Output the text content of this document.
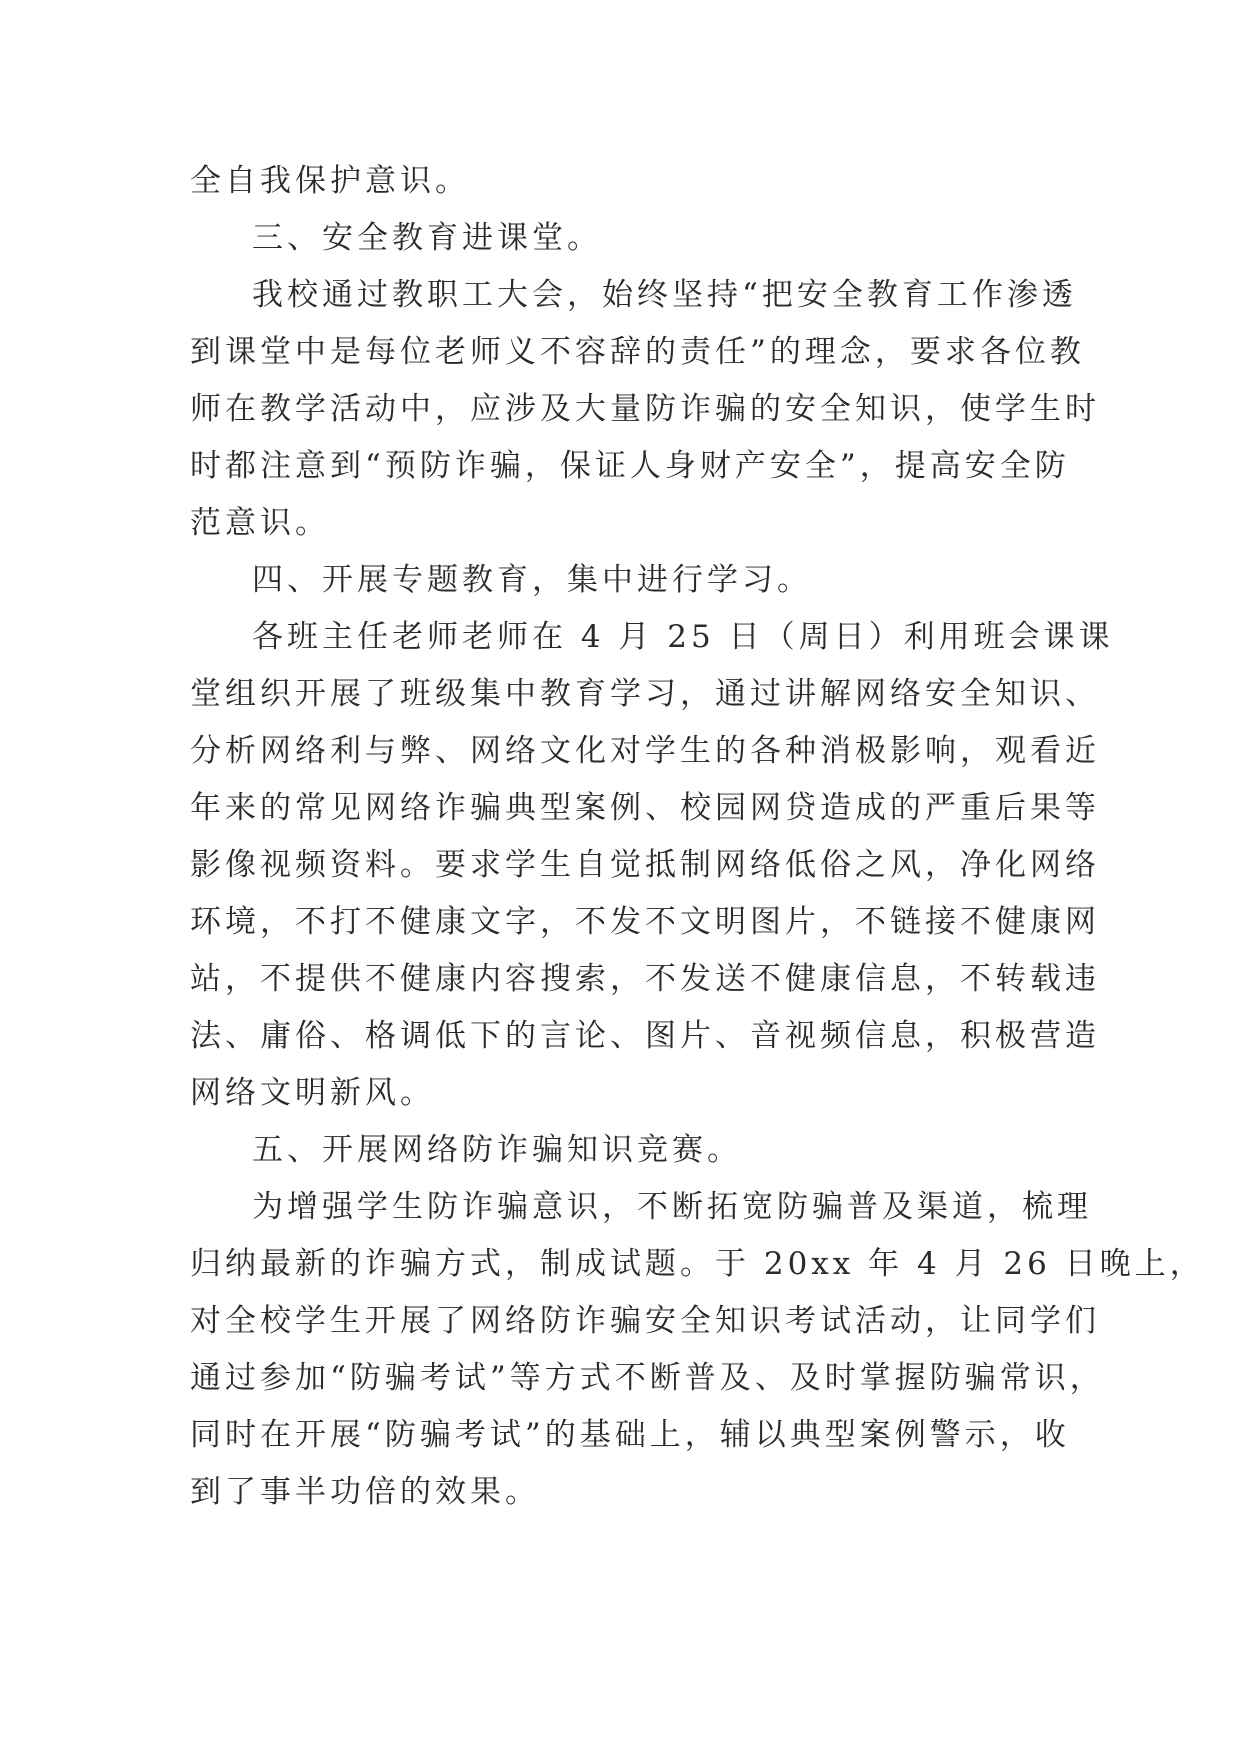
全自我保护意识。
三、安全教育进课堂。
我校通过教职工大会，始终坚持“把安全教育工作渗透
到课堂中是每位老师义不容辞的责任”的理念，要求各位教
师在教学活动中，应涉及大量防诈骗的安全知识，使学生时
时都注意到“预防诈骗，保证人身财产安全”，提高安全防
范意识。
四、开展专题教育，集中进行学习。
各班主任老师老师在 4 月 25 日（周日）利用班会课课
堂组织开展了班级集中教育学习，通过讲解网络安全知识、
分析网络利与弊、网络文化对学生的各种消极影响，观看近
年来的常见网络诈骗典型案例、校园网贷造成的严重后果等
影像视频资料。要求学生自觉抵制网络低俗之风，净化网络
环境，不打不健康文字，不发不文明图片，不链接不健康网
站，不提供不健康内容搜索，不发送不健康信息，不转载违
法、庸俗、格调低下的言论、图片、音视频信息，积极营造
网络文明新风。
五、开展网络防诈骗知识竞赛。
为增强学生防诈骗意识，不断拓宽防骗普及渠道，梳理
归纳最新的诈骗方式，制成试题。于 20xx 年 4 月 26 日晚上，
对全校学生开展了网络防诈骗安全知识考试活动，让同学们
通过参加“防骗考试”等方式不断普及、及时掌握防骗常识，
同时在开展“防骗考试”的基础上，辅以典型案例警示，收
到了事半功倍的效果。
